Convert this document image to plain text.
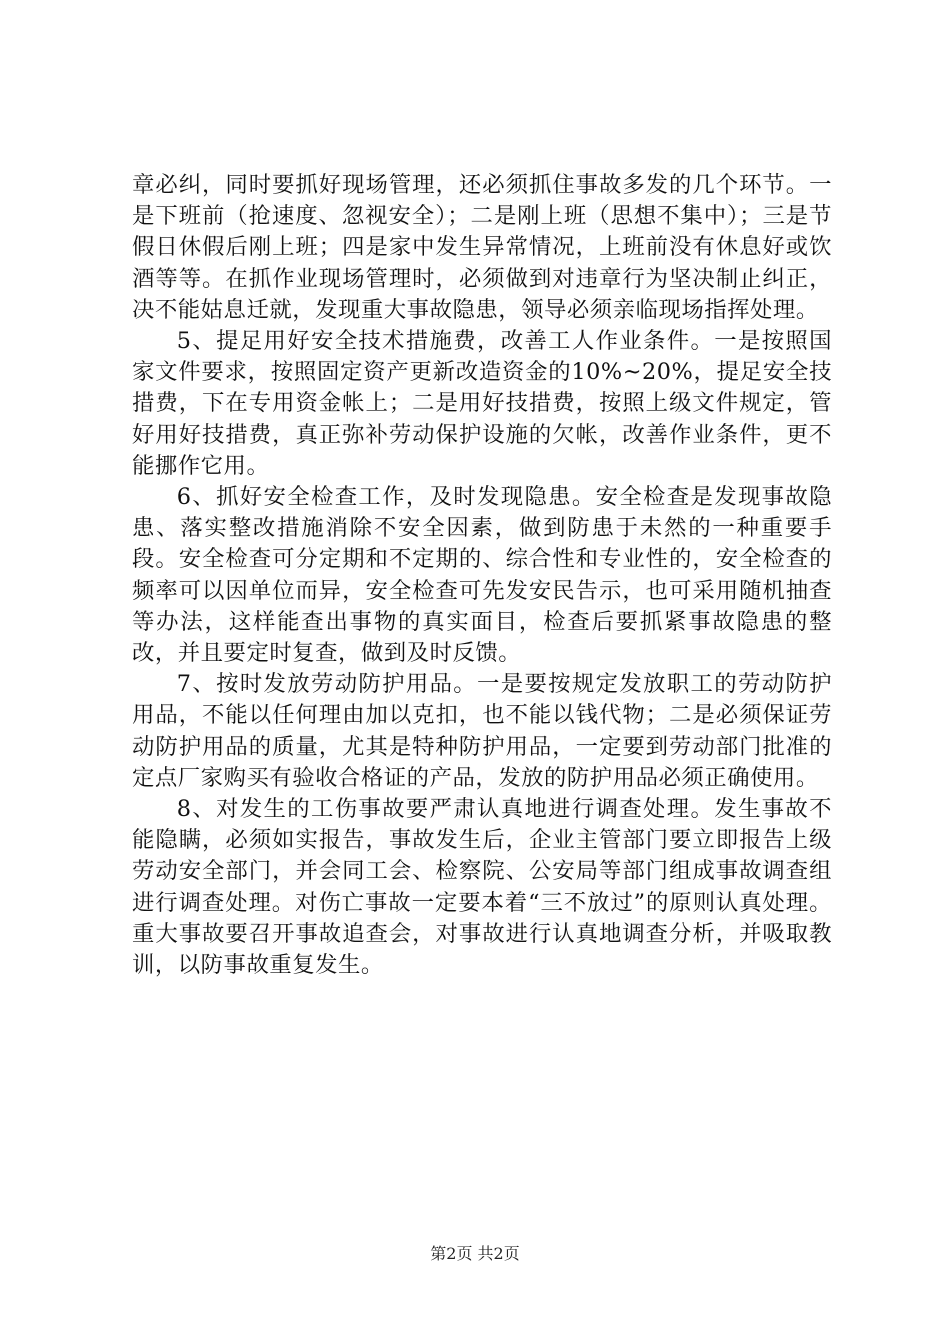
章必纠，同时要抓好现场管理，还必须抓住事故多发的几个环节。一是下班前（抢速度、忽视安全）；二是刚上班（思想不集中）；三是节假日休假后刚上班；四是家中发生异常情况，上班前没有休息好或饮酒等等。在抓作业现场管理时，必须做到对违章行为坚决制止纠正，决不能姑息迁就，发现重大事故隐患，领导必须亲临现场指挥处理。

5、提足用好安全技术措施费，改善工人作业条件。一是按照国家文件要求，按照固定资产更新改造资金的10%~20%，提足安全技措费，下在专用资金帐上；二是用好技措费，按照上级文件规定，管好用好技措费，真正弥补劳动保护设施的欠帐，改善作业条件，更不能挪作它用。

6、抓好安全检查工作，及时发现隐患。安全检查是发现事故隐患、落实整改措施消除不安全因素，做到防患于未然的一种重要手段。安全检查可分定期和不定期的、综合性和专业性的，安全检查的频率可以因单位而异，安全检查可先发安民告示，也可采用随机抽查等办法，这样能查出事物的真实面目，检查后要抓紧事故隐患的整改，并且要定时复查，做到及时反馈。

7、按时发放劳动防护用品。一是要按规定发放职工的劳动防护用品，不能以任何理由加以克扣，也不能以钱代物；二是必须保证劳动防护用品的质量，尤其是特种防护用品，一定要到劳动部门批准的定点厂家购买有验收合格证的产品，发放的防护用品必须正确使用。

8、对发生的工伤事故要严肃认真地进行调查处理。发生事故不能隐瞒，必须如实报告，事故发生后，企业主管部门要立即报告上级劳动安全部门，并会同工会、检察院、公安局等部门组成事故调查组进行调查处理。对伤亡事故一定要本着“三不放过”的原则认真处理。重大事故要召开事故追查会，对事故进行认真地调查分析，并吸取教训，以防事故重复发生。

第2页 共2页
